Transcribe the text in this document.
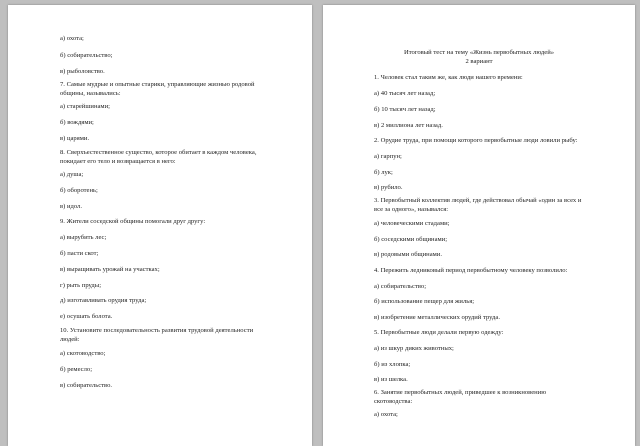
а) охота;
б) собирательство;
в) рыболовство.
7. Самые мудрые и опытные старики, управляющие жизнью родовой
общины, назывались:
а) старейшинами;
б) вождями;
в) царями.
8. Сверхъестественное существо, которое обитает в каждом человека,
покидает его тело и возвращается в него:
а) душа;
б) оборотень;
в) идол.
9. Жители соседской общины помогали друг другу:
а) вырубить лес;
б) пасти скот;
в) выращивать урожай на участках;
г) рыть пруды;
д) изготавливать орудия труда;
е) осушать болота.
10. Установите последовательность развития трудовой деятельности
людей:
а) скотоводство;
б) ремесло;
в) собирательство.
Итоговый тест на тему «Жизнь первобытных людей»
2 вариант
1. Человек стал таким же, как люди нашего времени:
а) 40 тысяч лет назад;
б) 10 тысяч лет назад;
в) 2 миллиона лет назад.
2. Орудие труда, при помощи которого первобытные люди ловили рыбу:
а) гарпун;
б) лук;
в) рубило.
3. Первобытный коллектив людей, где действовал обычай «один за всех и
все за одного», назывался:
а) человеческими стадами;
б) соседскими общинами;
в) родовыми общинами.
4. Пережить ледниковый период первобытному человеку позволило:
а) собирательство;
б) использование пещер для жилья;
в) изобретение металлических орудий труда.
5. Первобытные люди делали первую одежду:
а) из шкур диких животных;
б) из хлопка;
в) из шелка.
6. Занятие первобытных людей, приведшее к возникновению
скотоводства:
а) охота;
